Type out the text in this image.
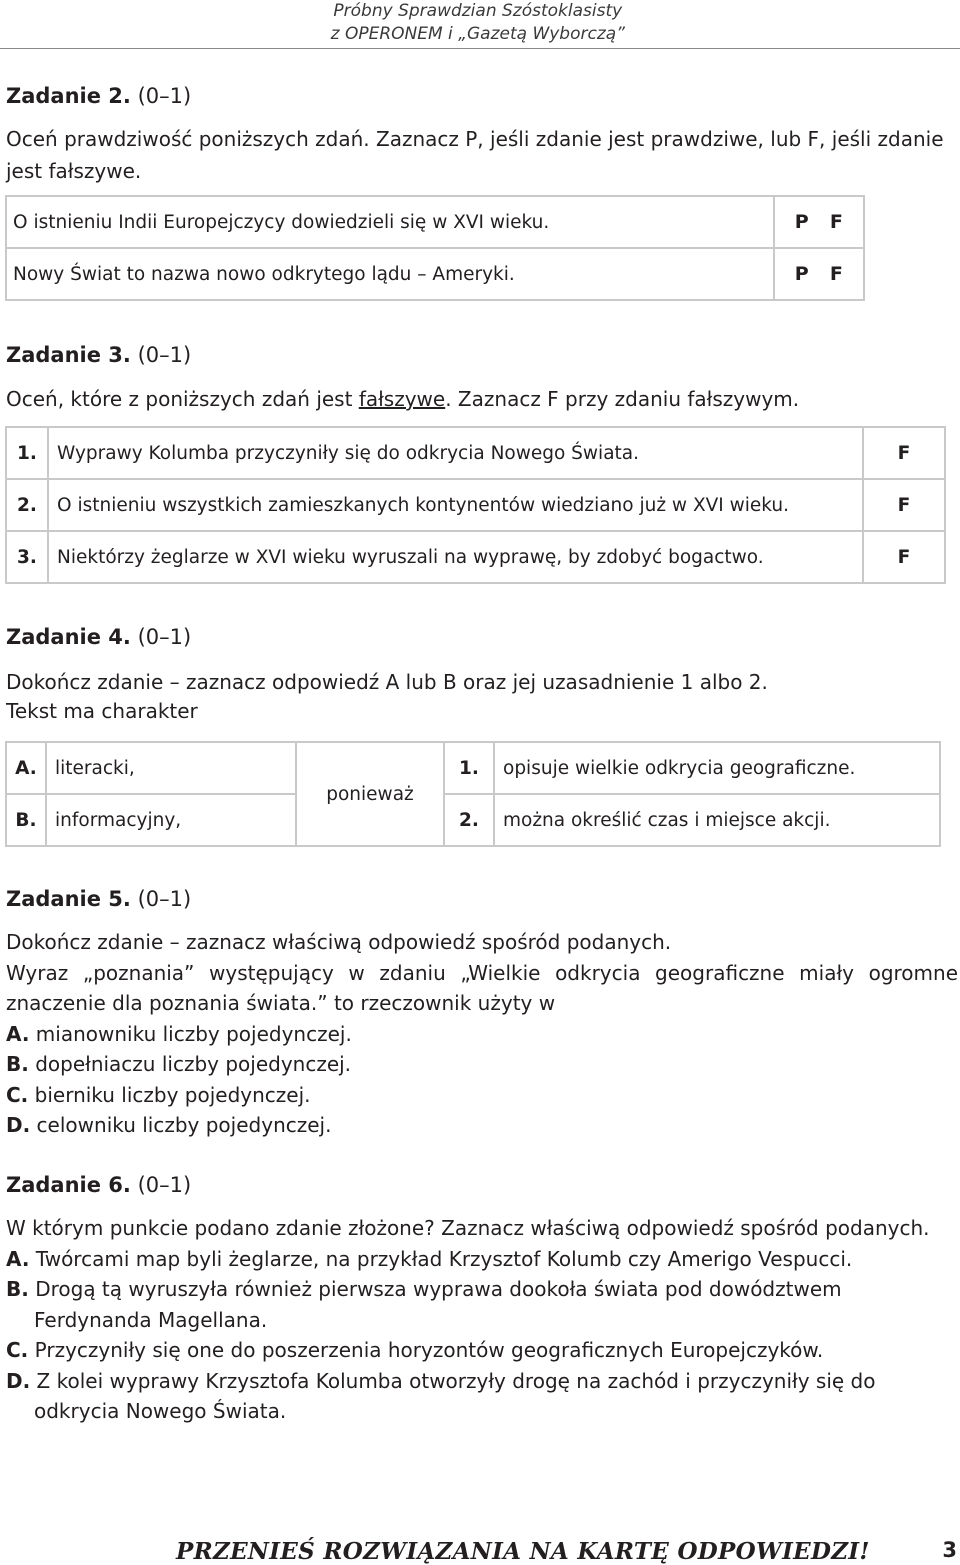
Próbny Sprawdzian Szóstoklasisty
z OPERONEM i „Gazetą Wyborczą”
Zadanie 2. (0–1)
Oceń prawdziwość poniższych zdań. Zaznacz P, jeśli zdanie jest prawdziwe, lub F, jeśli zdanie jest fałszywe.
O istnieniu Indii Europejczycy dowiedzieli się w XVI wieku.	P F
Nowy Świat to nazwa nowo odkrytego lądu – Ameryki.	P F
Zadanie 3. (0–1)
Oceń, które z poniższych zdań jest fałszywe. Zaznacz F przy zdaniu fałszywym.
1.	Wyprawy Kolumba przyczyniły się do odkrycia Nowego Świata.	F
2.	O istnieniu wszystkich zamieszkanych kontynentów wiedziano już w XVI wieku.	F
3.	Niektórzy żeglarze w XVI wieku wyruszali na wyprawę, by zdobyć bogactwo.	F
Zadanie 4. (0–1)
Dokończ zdanie – zaznacz odpowiedź A lub B oraz jej uzasadnienie 1 albo 2.
Tekst ma charakter
A.	literacki,	ponieważ	1.	opisuje wielkie odkrycia geograficzne.
B.	informacyjny,		2.	można określić czas i miejsce akcji.
Zadanie 5. (0–1)
Dokończ zdanie – zaznacz właściwą odpowiedź spośród podanych.
Wyraz „poznania” występujący w zdaniu „Wielkie odkrycia geograficzne miały ogromne znaczenie dla poznania świata.” to rzeczownik użyty w
A. mianowniku liczby pojedynczej.
B. dopełniaczu liczby pojedynczej.
C. bierniku liczby pojedynczej.
D. celowniku liczby pojedynczej.
Zadanie 6. (0–1)
W którym punkcie podano zdanie złożone? Zaznacz właściwą odpowiedź spośród podanych.
A. Twórcami map byli żeglarze, na przykład Krzysztof Kolumb czy Amerigo Vespucci.
B. Drogą tą wyruszyła również pierwsza wyprawa dookoła świata pod dowództwem Ferdynanda Magellana.
C. Przyczyniły się one do poszerzenia horyzontów geograficznych Europejczyków.
D. Z kolei wyprawy Krzysztofa Kolumba otworzyły drogę na zachód i przyczyniły się do odkrycia Nowego Świata.
PRZENIEŚ ROZWIĄZANIA NA KARTĘ ODPOWIEDZI!	3
